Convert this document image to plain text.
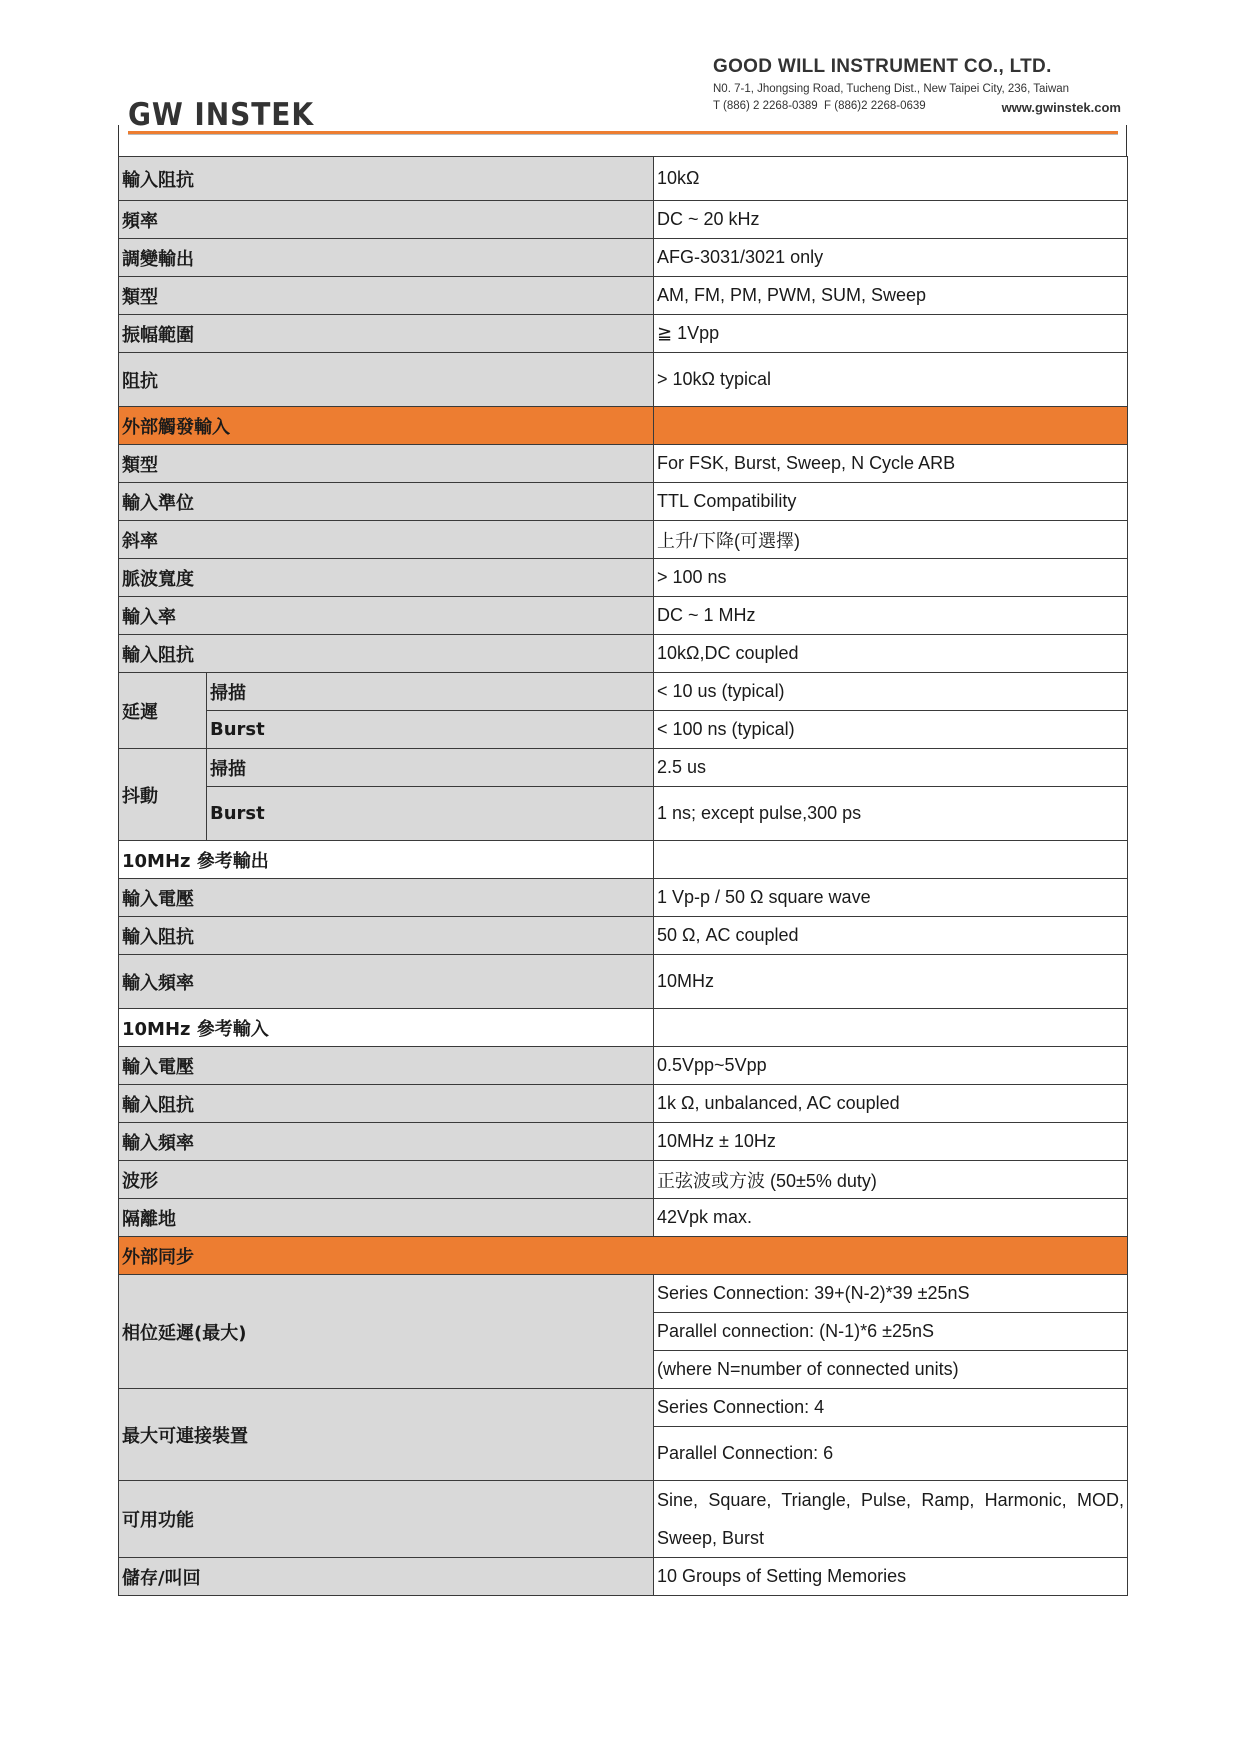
GW INSTEK
GOOD WILL INSTRUMENT CO., LTD.
N0. 7-1, Jhongsing Road, Tucheng Dist., New Taipei City, 236, Taiwan
T (886) 2 2268-0389 F (886)2 2268-0639	www.gwinstek.com
輸入阻抗		10kΩ
頻率		DC ~ 20 kHz
調變輸出		AFG-3031/3021 only
類型		AM, FM, PM, PWM, SUM, Sweep
振幅範圍		≧ 1Vpp
阻抗		> 10kΩ typical
外部觸發輸入		
類型		For FSK, Burst, Sweep, N Cycle ARB
輸入準位		TTL Compatibility
斜率		上升/下降(可選擇)
脈波寬度		> 100 ns
輸入率		DC ~ 1 MHz
輸入阻抗		10kΩ,DC coupled
延遲	掃描	< 10 us (typical)
	Burst	< 100 ns (typical)
抖動	掃描	2.5 us
	Burst	1 ns; except pulse,300 ps
10MHz 參考輸出		
輸入電壓		1 Vp-p / 50 Ω square wave
輸入阻抗		50 Ω, AC coupled
輸入頻率		10MHz
10MHz 參考輸入		
輸入電壓		0.5Vpp~5Vpp
輸入阻抗		1k Ω, unbalanced, AC coupled
輸入頻率		10MHz ± 10Hz
波形		正弦波或方波 (50±5% duty)
隔離地		42Vpk max.
外部同步		
相位延遲(最大)		Series Connection: 39+(N-2)*39 ±25nS
		Parallel connection: (N-1)*6 ±25nS
		(where N=number of connected units)
最大可連接裝置		Series Connection: 4
		Parallel Connection: 6
可用功能		Sine, Square, Triangle, Pulse, Ramp, Harmonic, MOD, Sweep, Burst
儲存/叫回		10 Groups of Setting Memories
